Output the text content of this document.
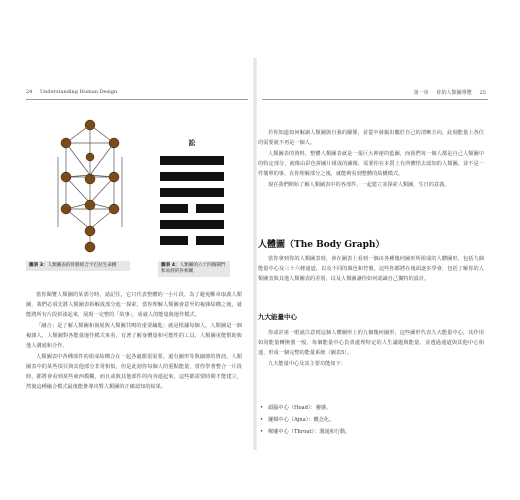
24 Understanding Human Design
訟
圖表 3：人類圖表的骨骼結合卡巴拉生命樹	圖表 4：人類圖的六十四個閘門和易經的卦相關

當你閱覽人類圖的某部分時，請記住，它只代表整體的一小片段。為了避免斷章取義人類圖，我們必須先將人類圖表拆解成部分進一探索，當你理解人類圖會意至的複雜結構之後，就能將所有片段拼湊起來，展現一完整的「故事」，成就人的能量與運作模式。

「融合」是了解人類圖和發展與人類圖共鳴的重要鑰匙；就是根據每個人，人類圖是一個複雜人，人類圖對各能量運作模式來看，有著了解身體量和可能性的工具，人類圖更能幫助與他人溝通和合作。

人類圖表中各種部件的組成結構合在一起各處都很需要，還有圖形等與細節的資訊，人類圖表中的某些項目與其他部分非常相似，但是此刻你每個人的重點能量，當你學著整合一片段時，都將會看到某些東西模糊，而且或與其他部件的內容連起來，這些都需要時間才能建立，然後這種融合模式最後能推導出對人類圖的正確認知的結果。

第一章 你的人類圖導覽 25

若你知道如何解讀人類圖與自我的關係，並從中發掘出屬於自己的清晰方向，此刻能量上各位的需要就不再是一個人。

人類圖表的資料，整體人類圖表就是一張巨大神祕的藍圖，而我們每一個人都是自己人類圖中的特定部分，就像由彩色拼圖片組成的圖像，需要你在本質上有所體悟去認知的人類圖，並不是一件簡單的事。在你理解部分之後，就能夠看到整體的結構模式。

現在我們開始了解人類圖表中的各部件，一起建立並探索人類圖，生日的意義。

人體圖（The Body Graph）

當你拿到你的人類圖表時，會在圖表上看到一個由各種幾何圖形所組成的人體圖形，包括九個能量中心及三十六條通道，以及不同的顏色和符號，這些你都將在後面逐步學會，包括了解你的人類圖表與其他人類圖表的差別，以及人類圖讓你如何認識自己獨特的設計。

九大能量中心

你或許第一眼就注意到這個人體圖形上的九個幾何圖形，這些圖形代表九大能量中心，其作用如同能量轉換器一般，每個能量中心負責處理特定的人生議題與能量，並透過通道與其他中心相連，形成一個完整的能量系統（圖表5）。

九大能量中心及其主要功能如下：

• 頭腦中心（Head）：靈感。
• 邏輯中心（Ajna）：概念化。
• 喉嚨中心（Throat）：溝通和行動。
